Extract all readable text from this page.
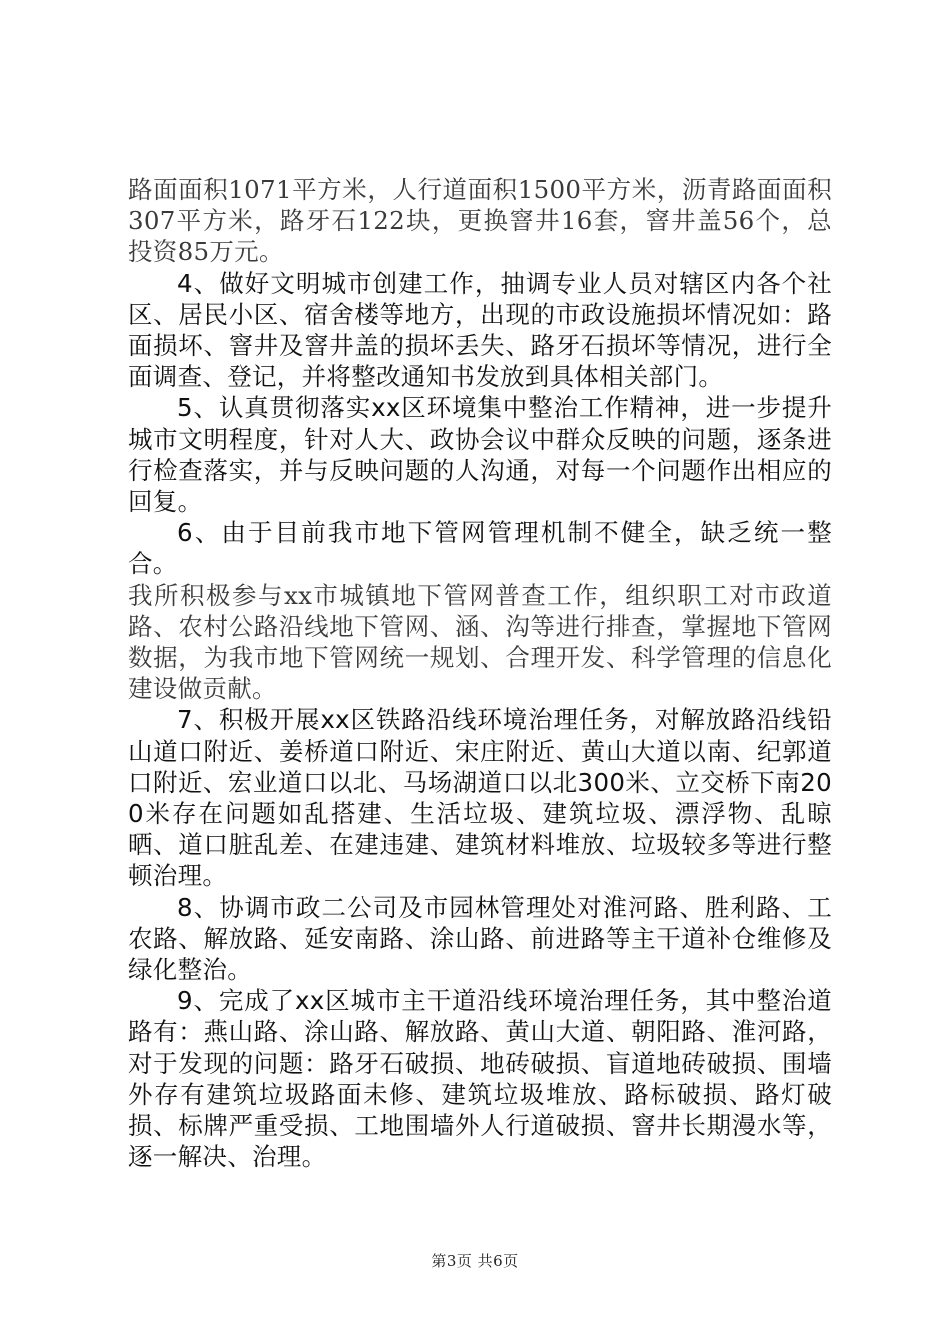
路面面积1071平方米，人行道面积1500平方米，沥青路面面积307平方米，路牙石122块，更换窨井16套，窨井盖56个，总投资85万元。

4、做好文明城市创建工作，抽调专业人员对辖区内各个社区、居民小区、宿舍楼等地方，出现的市政设施损坏情况如：路面损坏、窨井及窨井盖的损坏丢失、路牙石损坏等情况，进行全面调查、登记，并将整改通知书发放到具体相关部门。

5、认真贯彻落实xx区环境集中整治工作精神，进一步提升城市文明程度，针对人大、政协会议中群众反映的问题，逐条进行检查落实，并与反映问题的人沟通，对每一个问题作出相应的回复。

6、由于目前我市地下管网管理机制不健全，缺乏统一整合。

我所积极参与xx市城镇地下管网普查工作，组织职工对市政道路、农村公路沿线地下管网、涵、沟等进行排查，掌握地下管网数据，为我市地下管网统一规划、合理开发、科学管理的信息化建设做贡献。

7、积极开展xx区铁路沿线环境治理任务，对解放路沿线铅山道口附近、姜桥道口附近、宋庄附近、黄山大道以南、纪郭道口附近、宏业道口以北、马场湖道口以北300米、立交桥下南200米存在问题如乱搭建、生活垃圾、建筑垃圾、漂浮物、乱晾晒、道口脏乱差、在建违建、建筑材料堆放、垃圾较多等进行整顿治理。

8、协调市政二公司及市园林管理处对淮河路、胜利路、工农路、解放路、延安南路、涂山路、前进路等主干道补仓维修及绿化整治。

9、完成了xx区城市主干道沿线环境治理任务，其中整治道路有：燕山路、涂山路、解放路、黄山大道、朝阳路、淮河路，对于发现的问题：路牙石破损、地砖破损、盲道地砖破损、围墙外存有建筑垃圾路面未修、建筑垃圾堆放、路标破损、路灯破损、标牌严重受损、工地围墙外人行道破损、窨井长期漫水等，逐一解决、治理。

第3页 共6页
